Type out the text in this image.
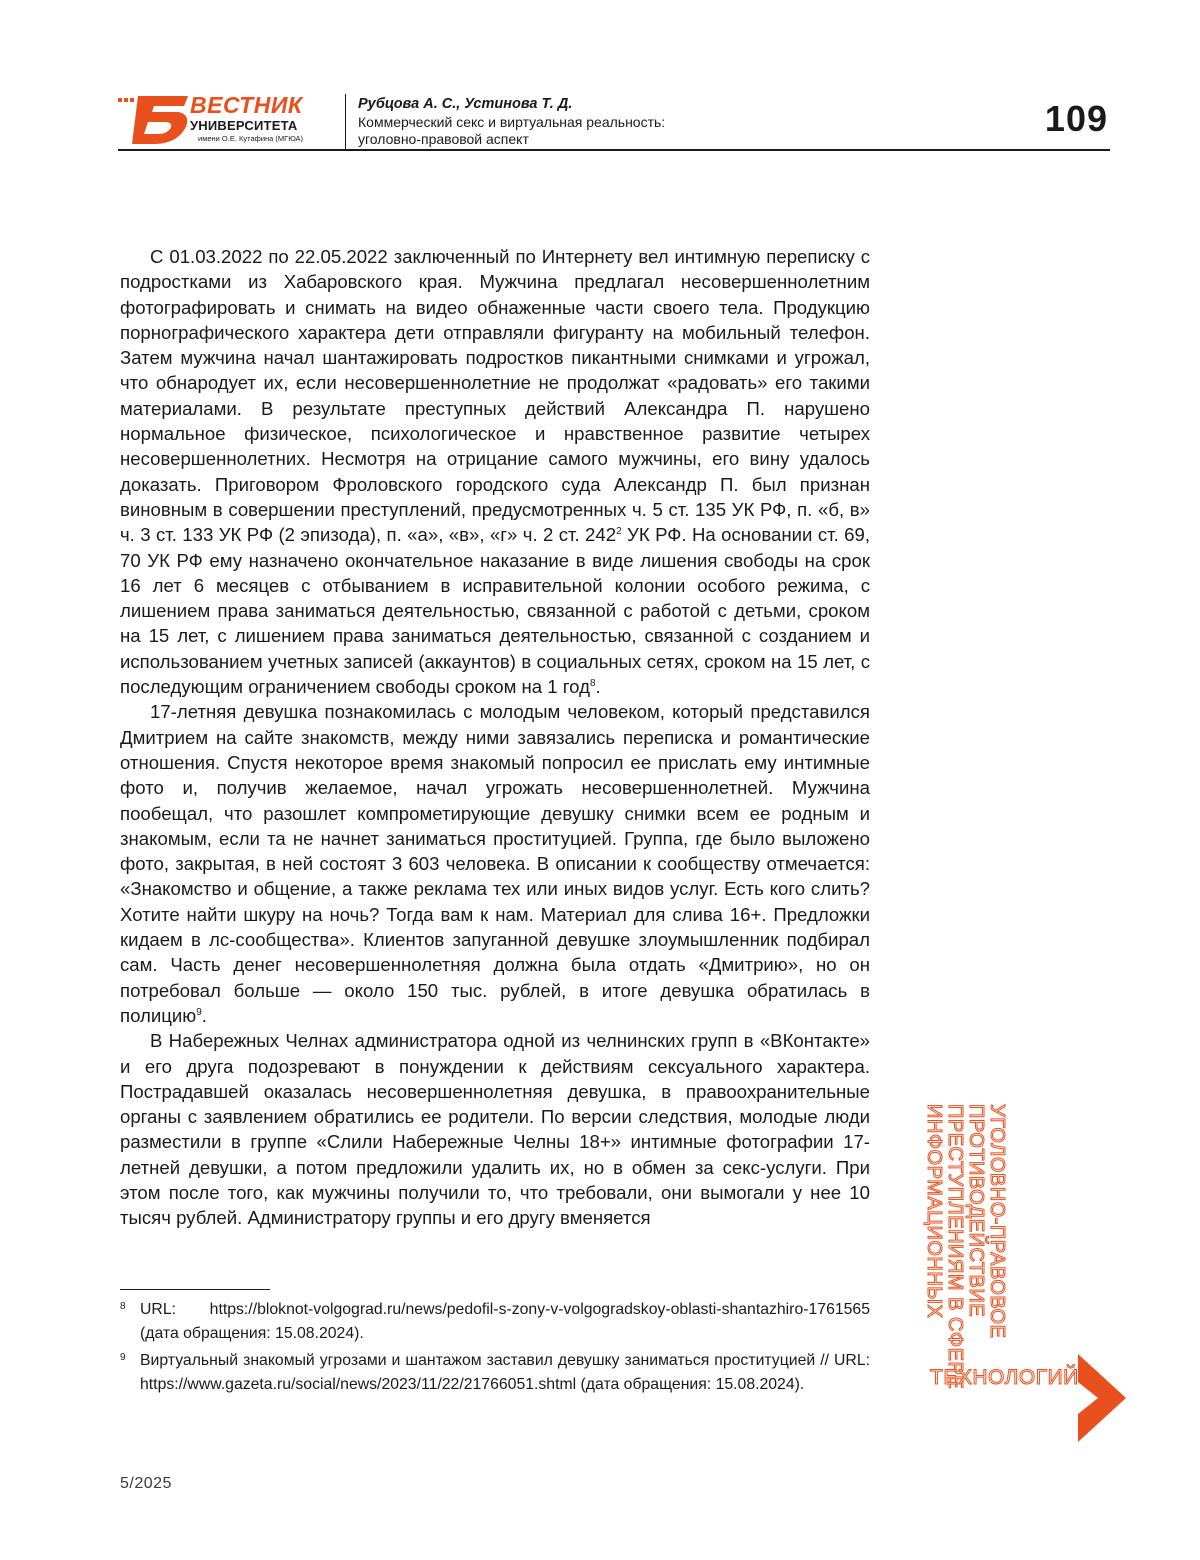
ВЕСТНИК
УНИВЕРСИТЕТА
имени О.Е. Кутафина (МГЮА)
Рубцова А. С., Устинова Т. Д.
Коммерческий секс и виртуальная реальность:
уголовно-правовой аспект	109

С 01.03.2022 по 22.05.2022 заключенный по Интернету вел интимную переписку с подростками из Хабаровского края. Мужчина предлагал несовершеннолетним фотографировать и снимать на видео обнаженные части своего тела. Продукцию порнографического характера дети отправляли фигуранту на мобильный телефон. Затем мужчина начал шантажировать подростков пикантными снимками и угрожал, что обнародует их, если несовершеннолетние не продолжат «радовать» его такими материалами. В результате преступных действий Александра П. нарушено нормальное физическое, психологическое и нравственное развитие четырех несовершеннолетних. Несмотря на отрицание самого мужчины, его вину удалось доказать. Приговором Фроловского городского суда Александр П. был признан виновным в совершении преступлений, предусмотренных ч. 5 ст. 135 УК РФ, п. «б, в» ч. 3 ст. 133 УК РФ (2 эпизода), п. «а», «в», «г» ч. 2 ст. 2422 УК РФ. На основании ст. 69, 70 УК РФ ему назначено окончательное наказание в виде лишения свободы на срок 16 лет 6 месяцев с отбыванием в исправительной колонии особого режима, с лишением права заниматься деятельностью, связанной с работой с детьми, сроком на 15 лет, с лишением права заниматься деятельностью, связанной с созданием и использованием учетных записей (аккаунтов) в социальных сетях, сроком на 15 лет, с последующим ограничением свободы сроком на 1 год8.

17-летняя девушка познакомилась с молодым человеком, который представился Дмитрием на сайте знакомств, между ними завязались переписка и романтические отношения. Спустя некоторое время знакомый попросил ее прислать ему интимные фото и, получив желаемое, начал угрожать несовершеннолетней. Мужчина пообещал, что разошлет компрометирующие девушку снимки всем ее родным и знакомым, если та не начнет заниматься проституцией. Группа, где было выложено фото, закрытая, в ней состоят 3 603 человека. В описании к сообществу отмечается: «Знакомство и общение, а также реклама тех или иных видов услуг. Есть кого слить? Хотите найти шкуру на ночь? Тогда вам к нам. Материал для слива 16+. Предложки кидаем в лс-сообщества». Клиентов запуганной девушке злоумышленник подбирал сам. Часть денег несовершеннолетняя должна была отдать «Дмитрию», но он потребовал больше — около 150 тыс. рублей, в итоге девушка обратилась в полицию9.

В Набережных Челнах администратора одной из челнинских групп в «ВКонтакте» и его друга подозревают в понуждении к действиям сексуального характера. Пострадавшей оказалась несовершеннолетняя девушка, в правоохранительные органы с заявлением обратились ее родители. По версии следствия, молодые люди разместили в группе «Слили Набережные Челны 18+» интимные фотографии 17-летней девушки, а потом предложили удалить их, но в обмен за секс-услуги. При этом после того, как мужчины получили то, что требовали, они вымогали у нее 10 тысяч рублей. Администратору группы и его другу вменяется

8 URL: https://bloknot-volgograd.ru/news/pedofil-s-zony-v-volgogradskoy-oblasti-shantazhiro-1761565 (дата обращения: 15.08.2024).
9 Виртуальный знакомый угрозами и шантажом заставил девушку заниматься проституцией // URL: https://www.gazeta.ru/social/news/2023/11/22/21766051.shtml (дата обращения: 15.08.2024).
5/2025
УГОЛОВНО-ПРАВОВОЕ
ПРОТИВОДЕЙСТВИЕ
ПРЕСТУПЛЕНИЯМ В СФЕРЕ
ИНФОРМАЦИОННЫХ
ТЕХНОЛОГИЙ
